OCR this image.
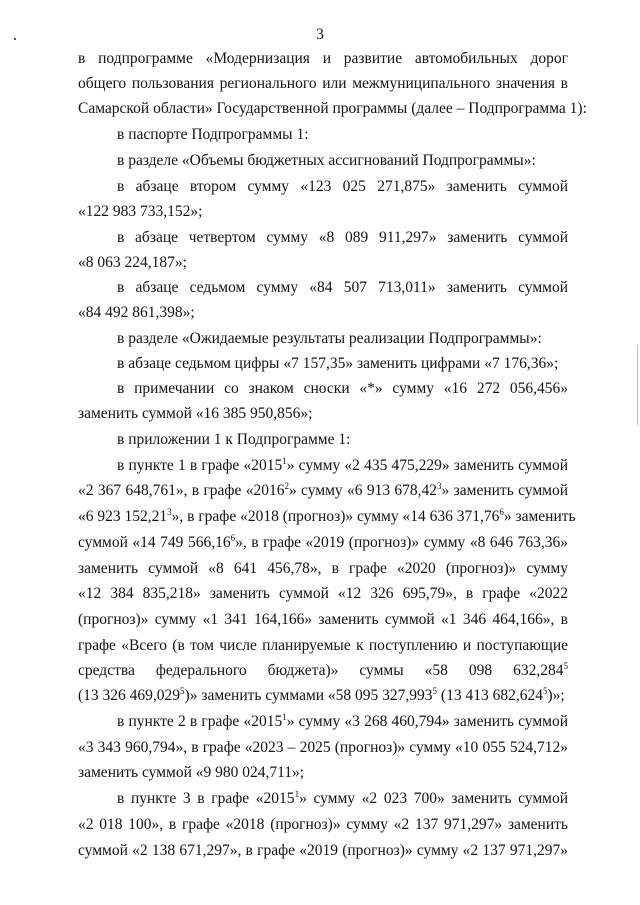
3
в подпрограмме «Модернизация и развитие автомобильных дорог
общего пользования регионального или межмуниципального значения в
Самарской области» Государственной программы (далее – Подпрограмма 1):
в паспорте Подпрограммы 1:
в разделе «Объемы бюджетных ассигнований Подпрограммы»:
в абзаце втором сумму «123 025 271,875» заменить суммой
«122 983 733,152»;
в абзаце четвертом сумму «8 089 911,297» заменить суммой
«8 063 224,187»;
в абзаце седьмом сумму «84 507 713,011» заменить суммой
«84 492 861,398»;
в разделе «Ожидаемые результаты реализации Подпрограммы»:
в абзаце седьмом цифры «7 157,35» заменить цифрами «7 176,36»;
в примечании со знаком сноски «*» сумму «16 272 056,456»
заменить суммой «16 385 950,856»;
в приложении 1 к Подпрограмме 1:
в пункте 1 в графе «2015$^1$» сумму «2 435 475,229» заменить суммой
«2 367 648,761», в графе «2016$^2$» сумму «6 913 678,42$^3$» заменить суммой
«6 923 152,21$^3$», в графе «2018 (прогноз)» сумму «14 636 371,76$^6$» заменить
суммой «14 749 566,16$^6$», в графе «2019 (прогноз)» сумму «8 646 763,36»
заменить суммой «8 641 456,78», в графе «2020 (прогноз)» сумму
«12 384 835,218» заменить суммой «12 326 695,79», в графе «2022
(прогноз)» сумму «1 341 164,166» заменить суммой «1 346 464,166», в
графе «Всего (в том числе планируемые к поступлению и поступающие
средства федерального бюджета)» суммы «58 098 632,284$^5$
(13 326 469,029$^5$)» заменить суммами «58 095 327,993$^5$ (13 413 682,624$^5$)»;
в пункте 2 в графе «2015$^1$» сумму «3 268 460,794» заменить суммой
«3 343 960,794», в графе «2023 – 2025 (прогноз)» сумму «10 055 524,712»
заменить суммой «9 980 024,711»;
в пункте 3 в графе «2015$^1$» сумму «2 023 700» заменить суммой
«2 018 100», в графе «2018 (прогноз)» сумму «2 137 971,297» заменить
суммой «2 138 671,297», в графе «2019 (прогноз)» сумму «2 137 971,297»
